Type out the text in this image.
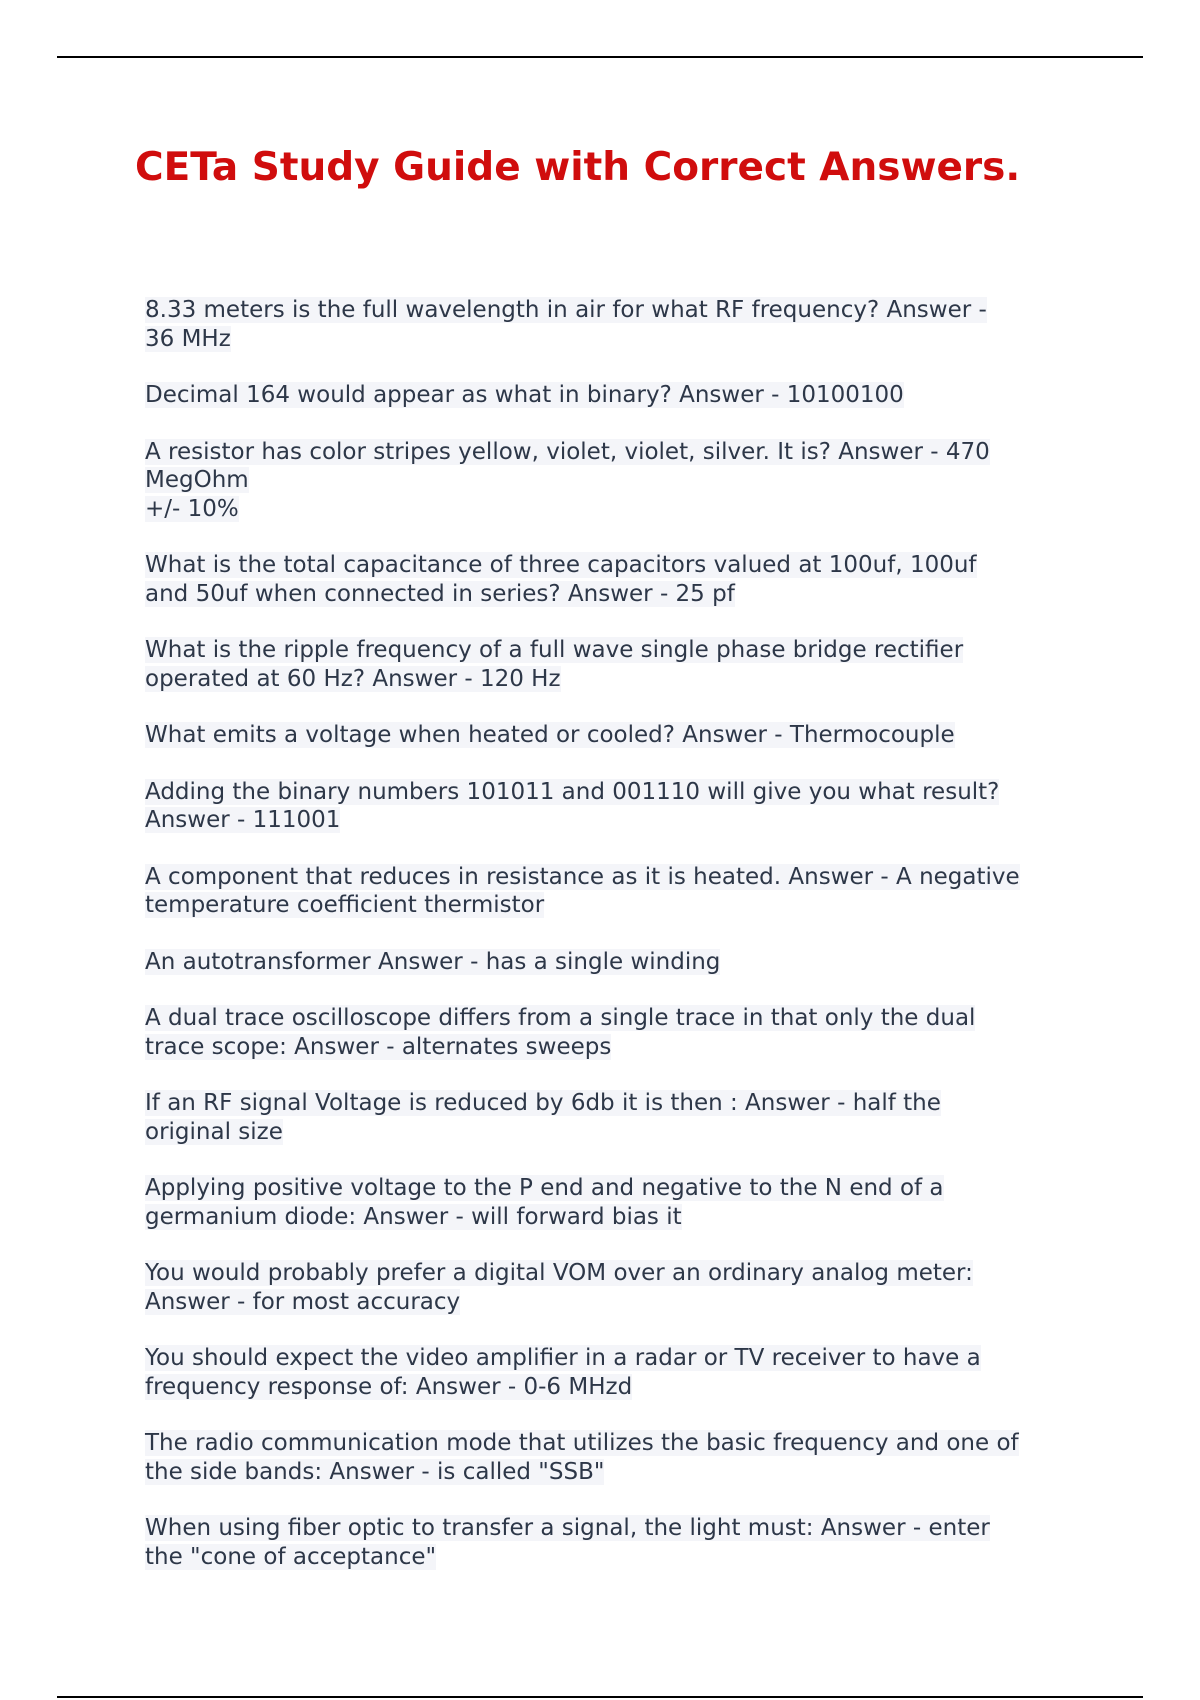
CETa Study Guide with Correct Answers.
8.33 meters is the full wavelength in air for what RF frequency? Answer -
36 MHz
Decimal 164 would appear as what in binary? Answer - 10100100
A resistor has color stripes yellow, violet, violet, silver. It is? Answer - 470
MegOhm
+/- 10%
What is the total capacitance of three capacitors valued at 100uf, 100uf
and 50uf when connected in series? Answer - 25 pf
What is the ripple frequency of a full wave single phase bridge rectifier
operated at 60 Hz? Answer - 120 Hz
What emits a voltage when heated or cooled? Answer - Thermocouple
Adding the binary numbers 101011 and 001110 will give you what result?
Answer - 111001
A component that reduces in resistance as it is heated. Answer - A negative
temperature coefficient thermistor
An autotransformer Answer - has a single winding
A dual trace oscilloscope differs from a single trace in that only the dual
trace scope: Answer - alternates sweeps
If an RF signal Voltage is reduced by 6db it is then : Answer - half the
original size
Applying positive voltage to the P end and negative to the N end of a
germanium diode: Answer - will forward bias it
You would probably prefer a digital VOM over an ordinary analog meter:
Answer - for most accuracy
You should expect the video amplifier in a radar or TV receiver to have a
frequency response of: Answer - 0-6 MHzd
The radio communication mode that utilizes the basic frequency and one of
the side bands: Answer - is called "SSB"
When using fiber optic to transfer a signal, the light must: Answer - enter
the "cone of acceptance"
